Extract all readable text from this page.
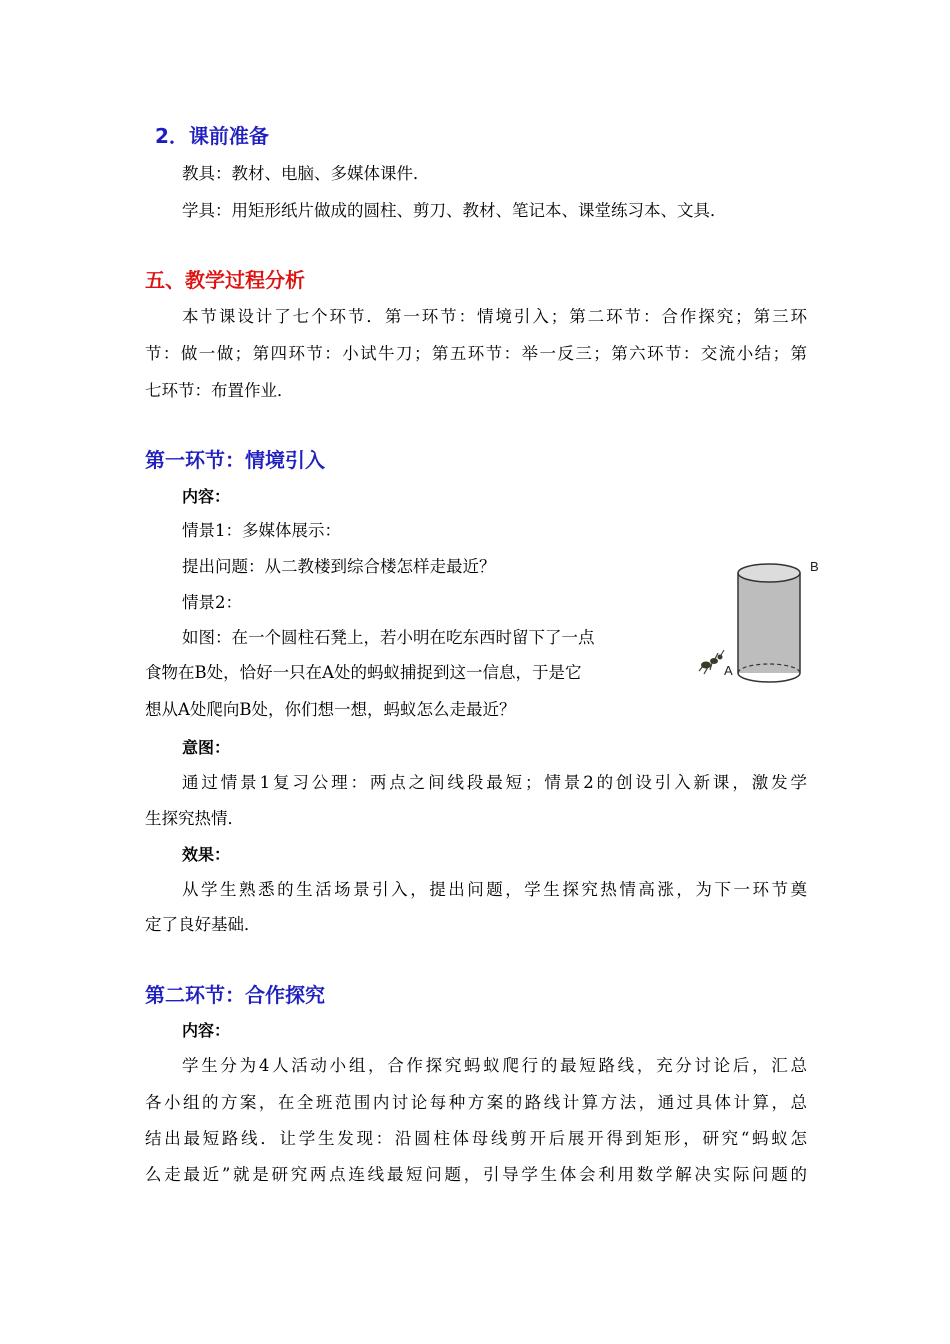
2．课前准备

教具：教材、电脑、多媒体课件．

学具：用矩形纸片做成的圆柱、剪刀、教材、笔记本、课堂练习本、文具．

五、教学过程分析

本节课设计了七个环节．第一环节：情境引入；第二环节：合作探究；第三环

节：做一做；第四环节：小试牛刀；第五环节：举一反三；第六环节：交流小结；第

七环节：布置作业．

第一环节：情境引入

内容：

情景1：多媒体展示：

提出问题：从二教楼到综合楼怎样走最近？

情景2：

如图：在一个圆柱石凳上，若小明在吃东西时留下了一点

食物在B处，恰好一只在A处的蚂蚁捕捉到这一信息，于是它

想从A处爬向B处，你们想一想，蚂蚁怎么走最近？

A
B

意图：

通过情景1复习公理：两点之间线段最短；情景2的创设引入新课，激发学

生探究热情．

效果：

从学生熟悉的生活场景引入，提出问题，学生探究热情高涨，为下一环节奠

定了良好基础．

第二环节：合作探究

内容：

学生分为4人活动小组，合作探究蚂蚁爬行的最短路线，充分讨论后，汇总

各小组的方案，在全班范围内讨论每种方案的路线计算方法，通过具体计算，总

结出最短路线．让学生发现：沿圆柱体母线剪开后展开得到矩形，研究“蚂蚁怎

么走最近”就是研究两点连线最短问题，引导学生体会利用数学解决实际问题的
